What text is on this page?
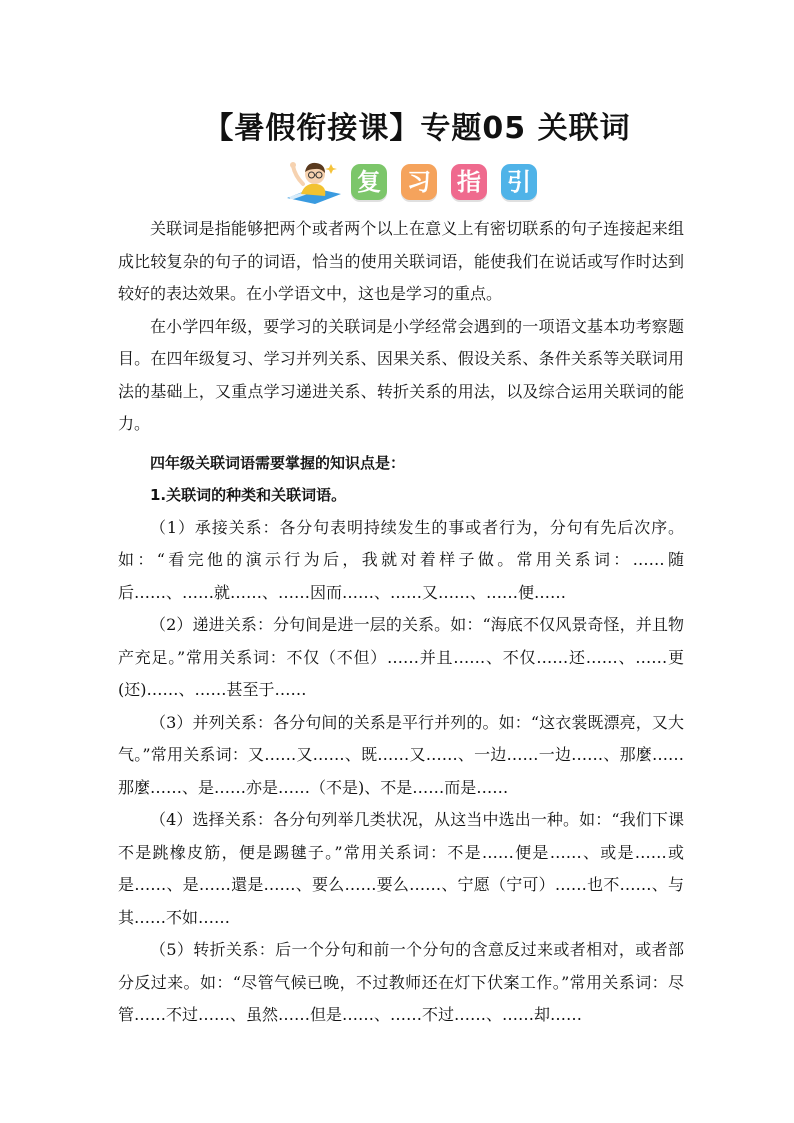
【暑假衔接课】专题05 关联词
复 习 指 引

关联词是指能够把两个或者两个以上在意义上有密切联系的句子连接起来组成比较复杂的句子的词语，恰当的使用关联词语，能使我们在说话或写作时达到较好的表达效果。在小学语文中，这也是学习的重点。

在小学四年级，要学习的关联词是小学经常会遇到的一项语文基本功考察题目。在四年级复习、学习并列关系、因果关系、假设关系、条件关系等关联词用法的基础上，又重点学习递进关系、转折关系的用法，以及综合运用关联词的能力。

四年级关联词语需要掌握的知识点是：

1.关联词的种类和关联词语。

（1）承接关系：各分句表明持续发生的事或者行为，分句有先后次序。如：“看完他的演示行为后，我就对着样子做。常用关系词：……随后……、……就……、……因而……、……又……、……便……

（2）递进关系：分句间是进一层的关系。如：“海底不仅风景奇怪，并且物产充足。”常用关系词：不仅（不但）……并且……、不仅……还……、……更(还)……、……甚至于……

（3）并列关系：各分句间的关系是平行并列的。如：“这衣裳既漂亮，又大气。”常用关系词：又……又……、既……又……、一边……一边……、那麼……那麼……、是……亦是……（不是)、不是……而是……

（4）选择关系：各分句列举几类状况，从这当中选出一种。如：“我们下课不是跳橡皮筋，便是踢毽子。”常用关系词：不是……便是……、或是……或是……、是……還是……、要么……要么……、宁愿（宁可）……也不……、与其……不如……

（5）转折关系：后一个分句和前一个分句的含意反过来或者相对，或者部分反过来。如：“尽管气候已晚，不过教师还在灯下伏案工作。”常用关系词：尽管……不过……、虽然……但是……、……不过……、……却……
